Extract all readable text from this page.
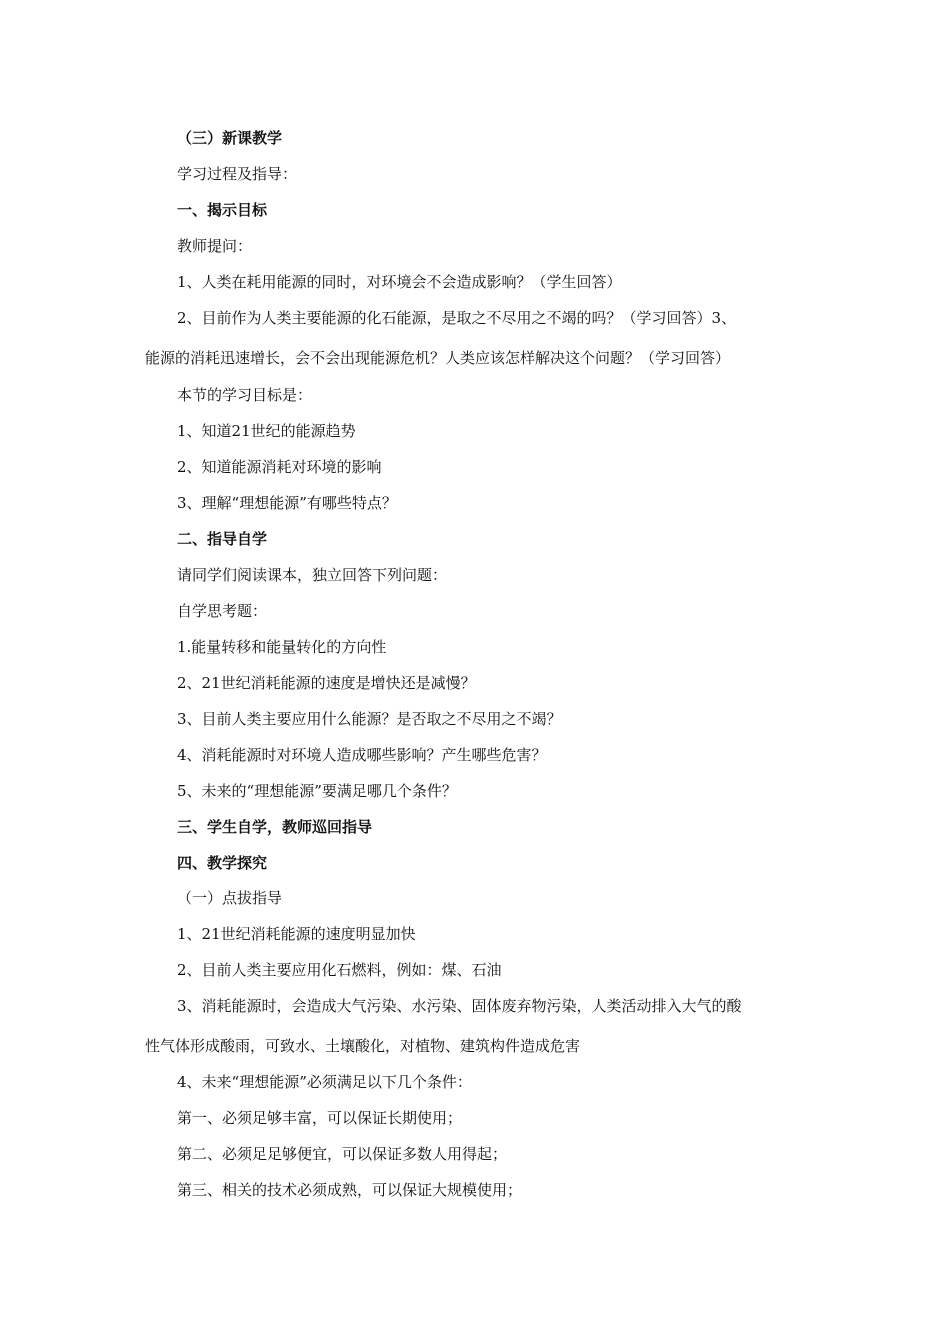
（三）新课教学
学习过程及指导：
一、揭示目标
教师提问：
1、人类在耗用能源的同时，对环境会不会造成影响？（学生回答）
2、目前作为人类主要能源的化石能源，是取之不尽用之不竭的吗？（学习回答）3、
能源的消耗迅速增长，会不会出现能源危机？人类应该怎样解决这个问题？（学习回答）
本节的学习目标是：
1、知道21世纪的能源趋势
2、知道能源消耗对环境的影响
3、理解“理想能源”有哪些特点？
二、指导自学
请同学们阅读课本，独立回答下列问题：
自学思考题：
1.能量转移和能量转化的方向性
2、21世纪消耗能源的速度是增快还是减慢？
3、目前人类主要应用什么能源？是否取之不尽用之不竭？
4、消耗能源时对环境人造成哪些影响？产生哪些危害？
5、未来的“理想能源”要满足哪几个条件？
三、学生自学，教师巡回指导
四、教学探究
（一）点拔指导
1、21世纪消耗能源的速度明显加快
2、目前人类主要应用化石燃料，例如：煤、石油
3、消耗能源时，会造成大气污染、水污染、固体废弃物污染，人类活动排入大气的酸
性气体形成酸雨，可致水、土壤酸化，对植物、建筑构件造成危害
4、未来“理想能源”必须满足以下几个条件：
第一、必须足够丰富，可以保证长期使用；
第二、必须足足够便宜，可以保证多数人用得起；
第三、相关的技术必须成熟，可以保证大规模使用；
